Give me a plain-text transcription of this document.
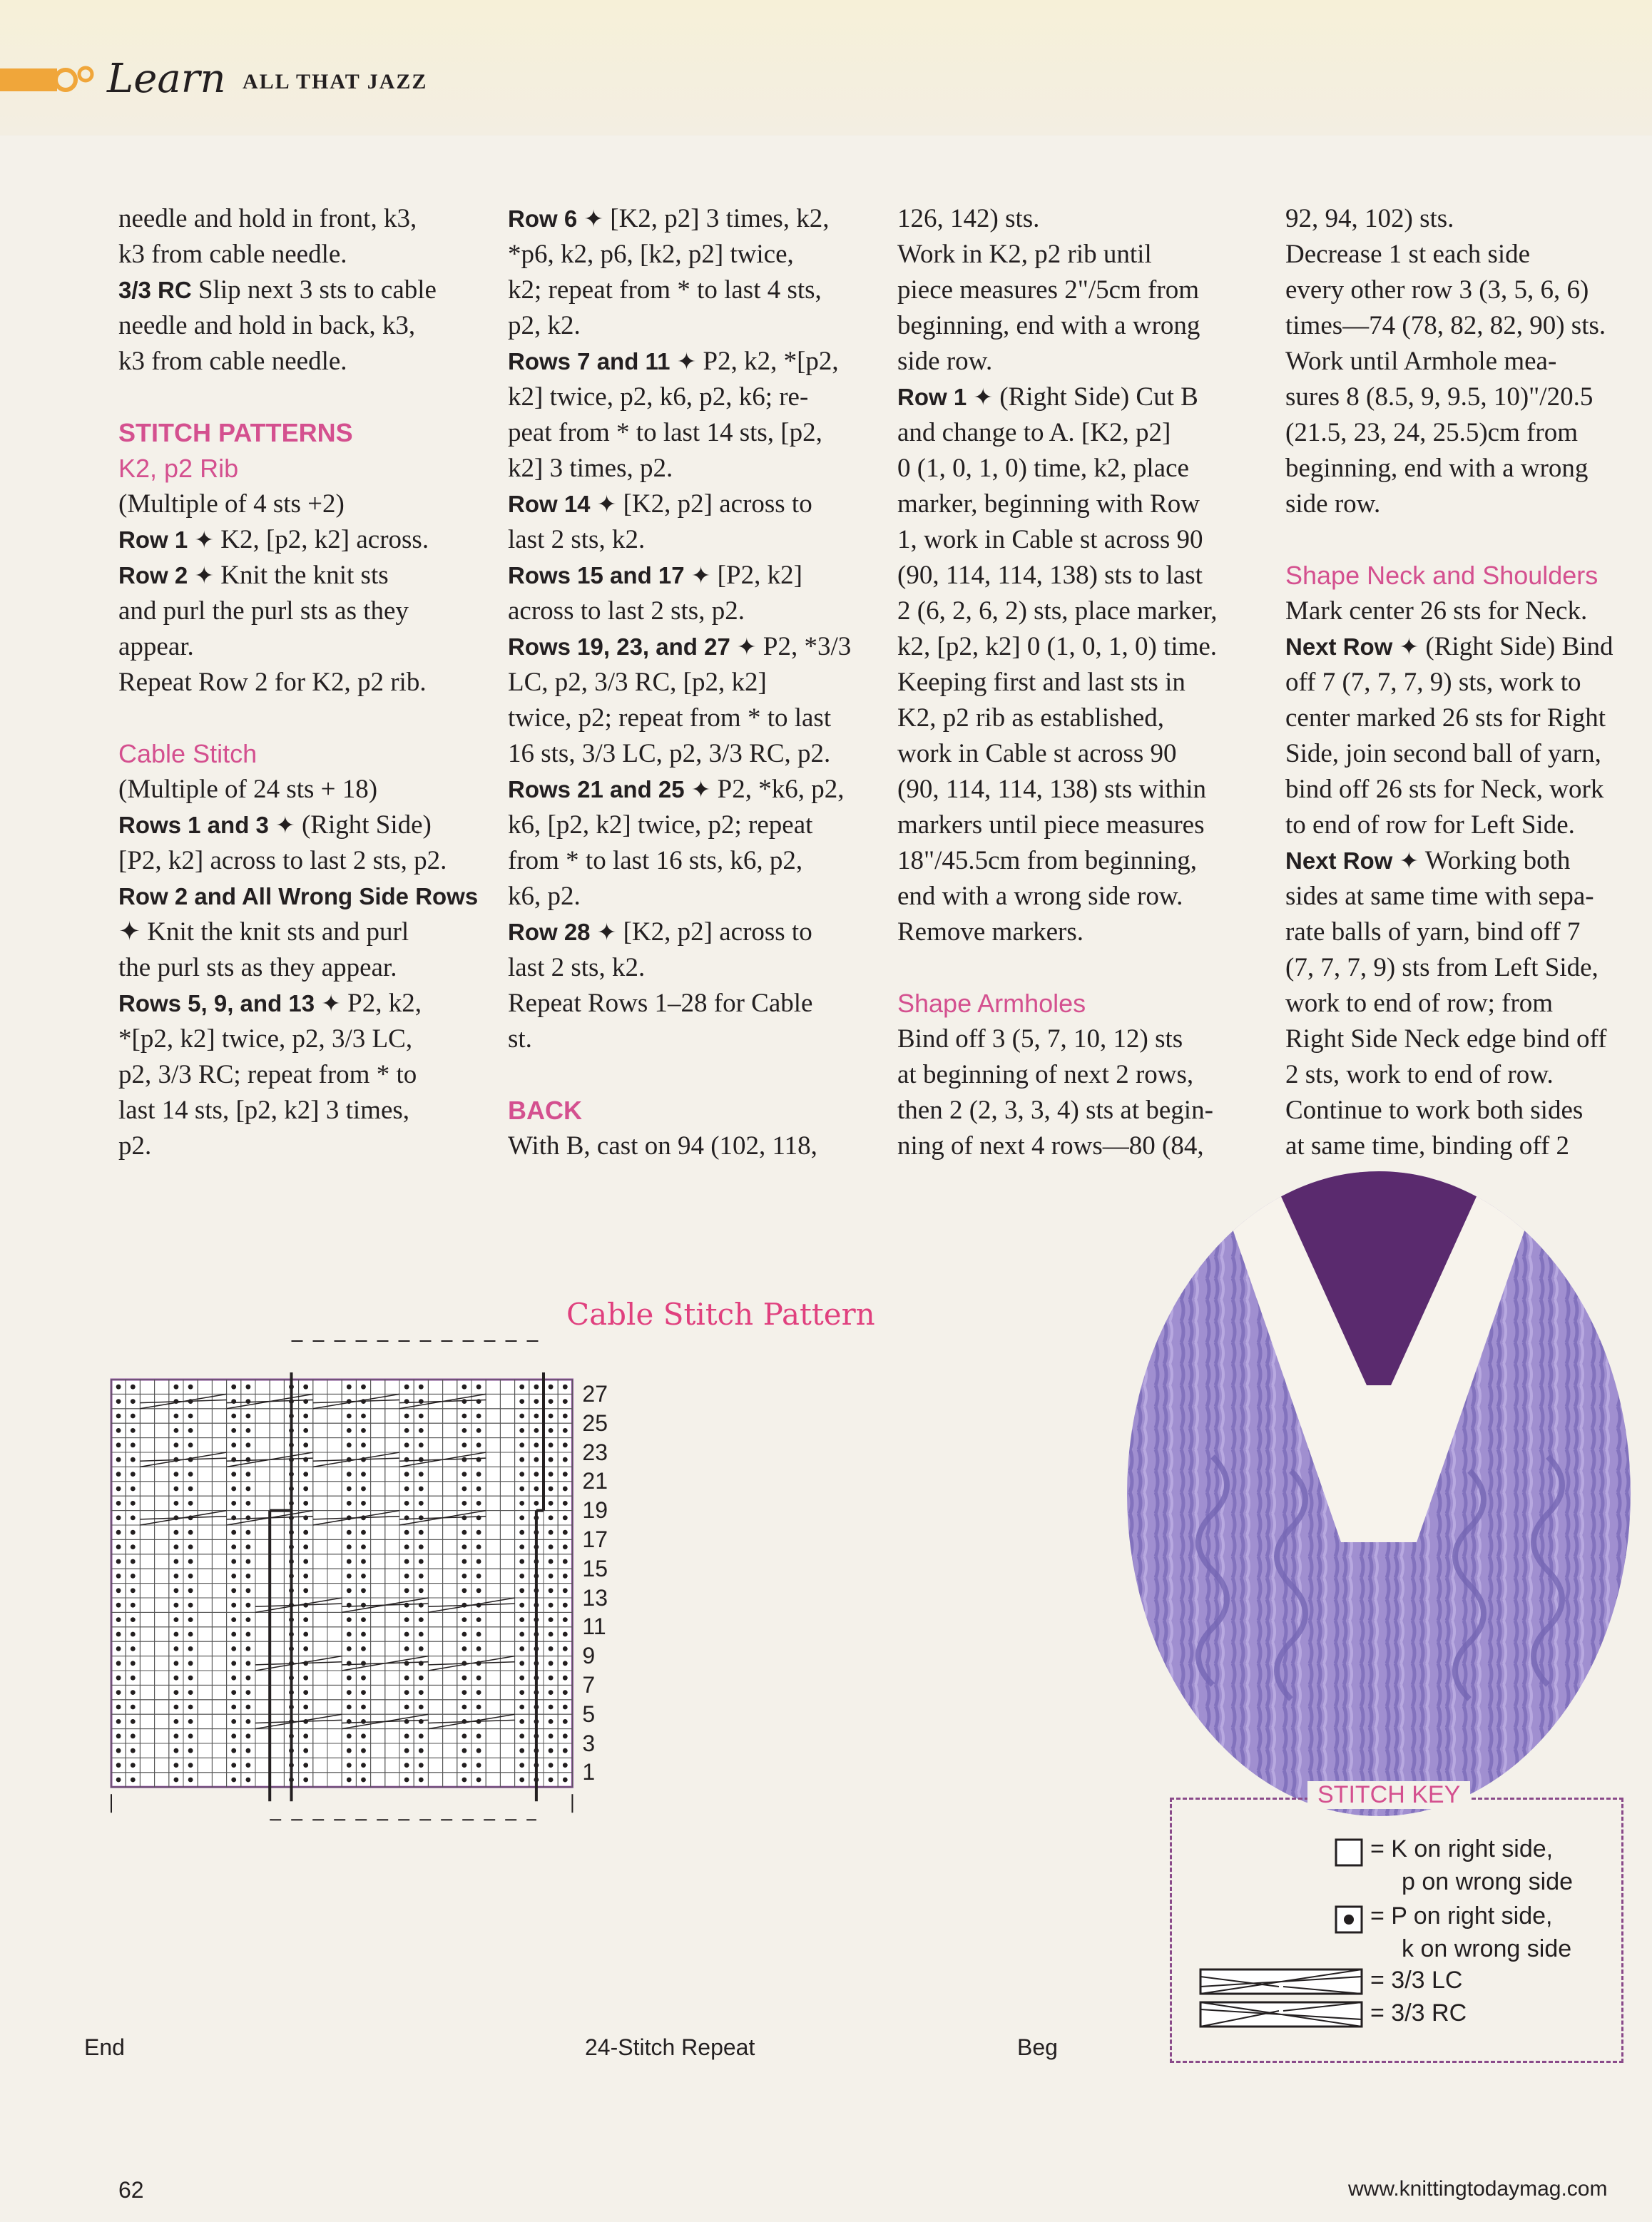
Learn ALL THAT JAZZ

needle and hold in front, k3,

k3 from cable needle.

3/3 RC Slip next 3 sts to cable

needle and hold in back, k3,

k3 from cable needle.

STITCH PATTERNS

K2, p2 Rib

(Multiple of 4 sts +2)

Row 1 ✦ K2, [p2, k2] across.

Row 2 ✦ Knit the knit sts

and purl the purl sts as they

appear.

Repeat Row 2 for K2, p2 rib.

Cable Stitch

(Multiple of 24 sts + 18)

Rows 1 and 3 ✦ (Right Side)

[P2, k2] across to last 2 sts, p2.

Row 2 and All Wrong Side Rows

✦ Knit the knit sts and purl

the purl sts as they appear.

Rows 5, 9, and 13 ✦ P2, k2,

*[p2, k2] twice, p2, 3/3 LC,

p2, 3/3 RC; repeat from * to

last 14 sts, [p2, k2] 3 times,

p2.

Row 6 ✦ [K2, p2] 3 times, k2,

*p6, k2, p6, [k2, p2] twice,

k2; repeat from * to last 4 sts,

p2, k2.

Rows 7 and 11 ✦ P2, k2, *[p2,

k2] twice, p2, k6, p2, k6; re-

peat from * to last 14 sts, [p2,

k2] 3 times, p2.

Row 14 ✦ [K2, p2] across to

last 2 sts, k2.

Rows 15 and 17 ✦ [P2, k2]

across to last 2 sts, p2.

Rows 19, 23, and 27 ✦ P2, *3/3

LC, p2, 3/3 RC, [p2, k2]

twice, p2; repeat from * to last

16 sts, 3/3 LC, p2, 3/3 RC, p2.

Rows 21 and 25 ✦ P2, *k6, p2,

k6, [p2, k2] twice, p2; repeat

from * to last 16 sts, k6, p2,

k6, p2.

Row 28 ✦ [K2, p2] across to

last 2 sts, k2.

Repeat Rows 1–28 for Cable

st.

BACK

With B, cast on 94 (102, 118,

126, 142) sts.

Work in K2, p2 rib until

piece measures 2"/5cm from

beginning, end with a wrong

side row.

Row 1 ✦ (Right Side) Cut B

and change to A. [K2, p2]

0 (1, 0, 1, 0) time, k2, place

marker, beginning with Row

1, work in Cable st across 90

(90, 114, 114, 138) sts to last

2 (6, 2, 6, 2) sts, place marker,

k2, [p2, k2] 0 (1, 0, 1, 0) time.

Keeping first and last sts in

K2, p2 rib as established,

work in Cable st across 90

(90, 114, 114, 138) sts within

markers until piece measures

18"/45.5cm from beginning,

end with a wrong side row.

Remove markers.

Shape Armholes

Bind off 3 (5, 7, 10, 12) sts

at beginning of next 2 rows,

then 2 (2, 3, 3, 4) sts at begin-

ning of next 4 rows—80 (84,

92, 94, 102) sts.

Decrease 1 st each side

every other row 3 (3, 5, 6, 6)

times—74 (78, 82, 82, 90) sts.

Work until Armhole mea-

sures 8 (8.5, 9, 9.5, 10)"/20.5

(21.5, 23, 24, 25.5)cm from

beginning, end with a wrong

side row.

Shape Neck and Shoulders

Mark center 26 sts for Neck.

Next Row ✦ (Right Side) Bind

off 7 (7, 7, 7, 9) sts, work to

center marked 26 sts for Right

Side, join second ball of yarn,

bind off 26 sts for Neck, work

to end of row for Left Side.

Next Row ✦ Working both

sides at same time with sepa-

rate balls of yarn, bind off 7

(7, 7, 7, 9) sts from Left Side,

work to end of row; from

Right Side Neck edge bind off

2 sts, work to end of row.

Continue to work both sides

at same time, binding off 2

Cable Stitch Pattern
27
25
23
21
19
17
15
13
11
9
7
5
3
1
End	Beg
24-Stitch Repeat
STITCH KEY
= K on right side,
p on wrong side
= P on right side,
k on wrong side
= 3/3 LC
= 3/3 RC
62	www.knittingtodaymag.com
